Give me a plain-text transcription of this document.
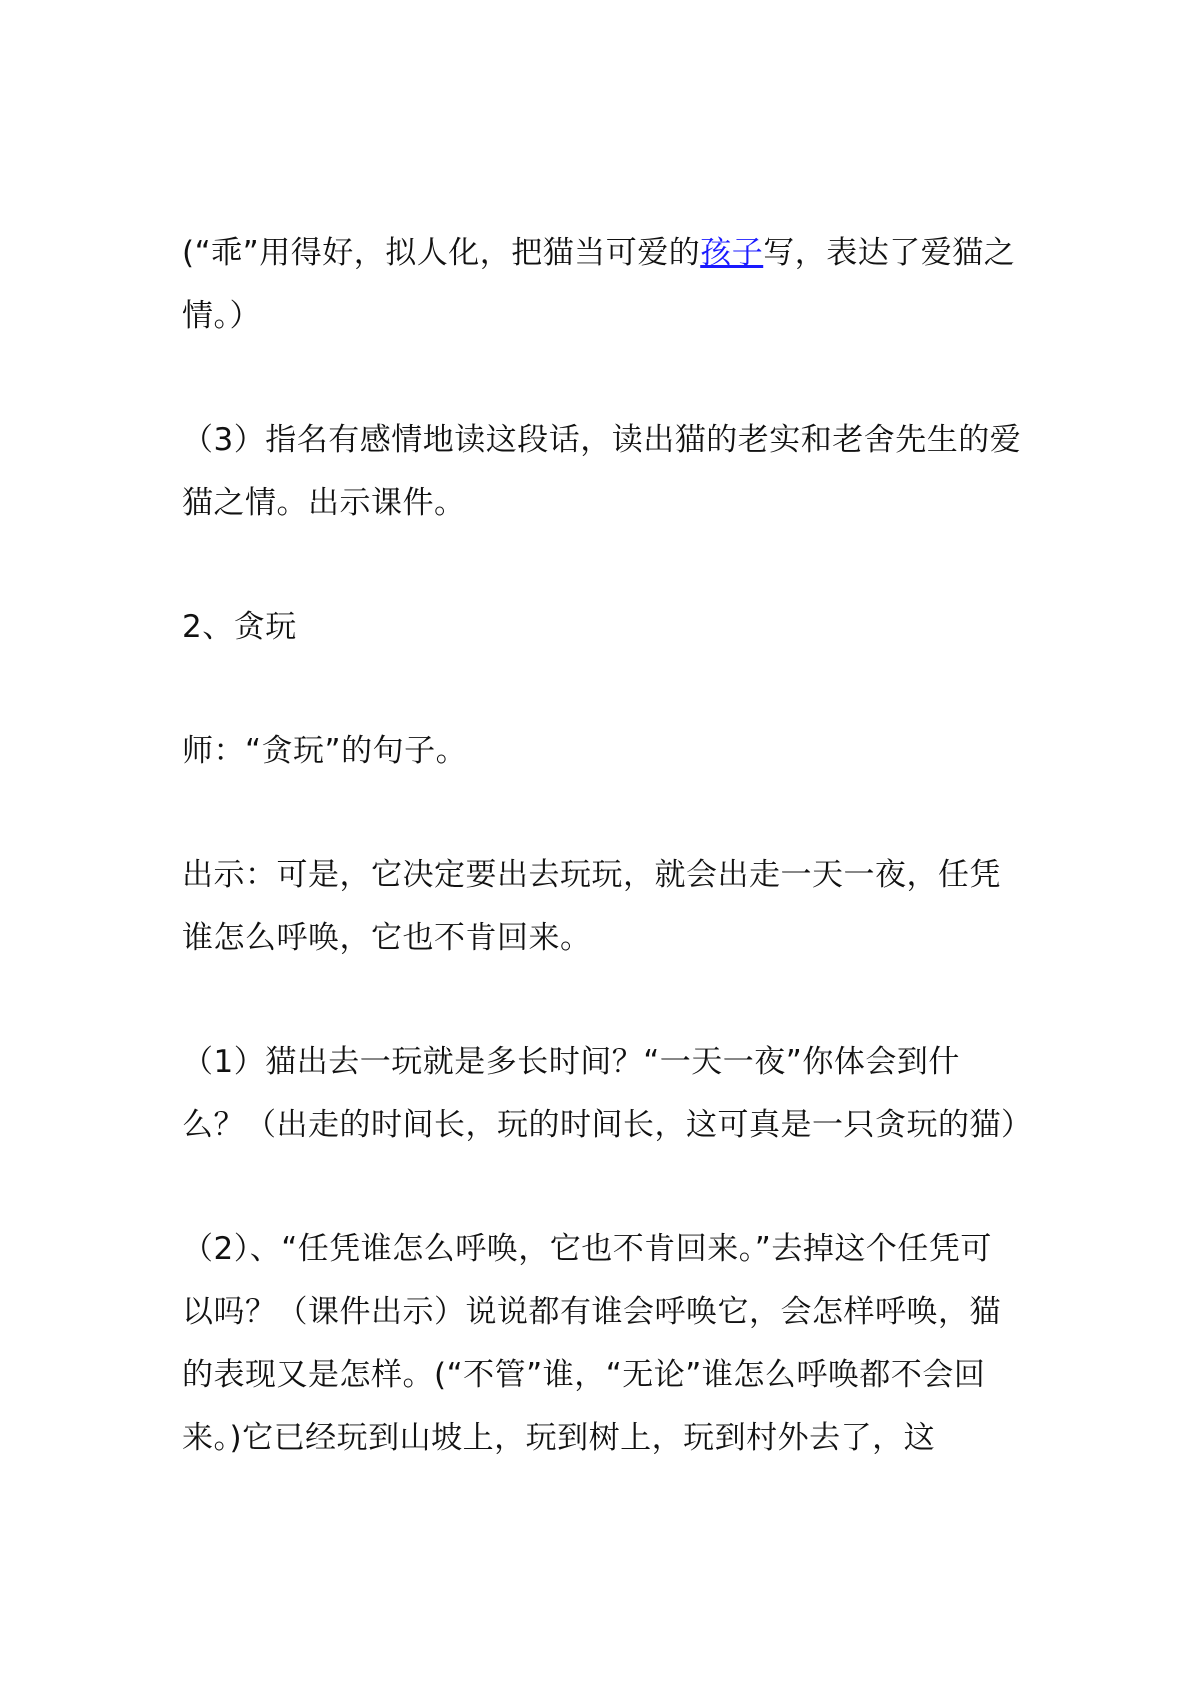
(“乖”用得好，拟人化，把猫当可爱的孩子写，表达了爱猫之情。）

（3）指名有感情地读这段话，读出猫的老实和老舍先生的爱猫之情。出示课件。

2、贪玩

师：“贪玩”的句子。

出示：可是，它决定要出去玩玩，就会出走一天一夜，任凭谁怎么呼唤，它也不肯回来。

（1）猫出去一玩就是多长时间？“一天一夜”你体会到什么？（出走的时间长，玩的时间长，这可真是一只贪玩的猫）

（2）、“任凭谁怎么呼唤，它也不肯回来。”去掉这个任凭可以吗？（课件出示）说说都有谁会呼唤它，会怎样呼唤，猫的表现又是怎样。(“不管”谁，“无论”谁怎么呼唤都不会回来。)它已经玩到山坡上，玩到树上，玩到村外去了，这
